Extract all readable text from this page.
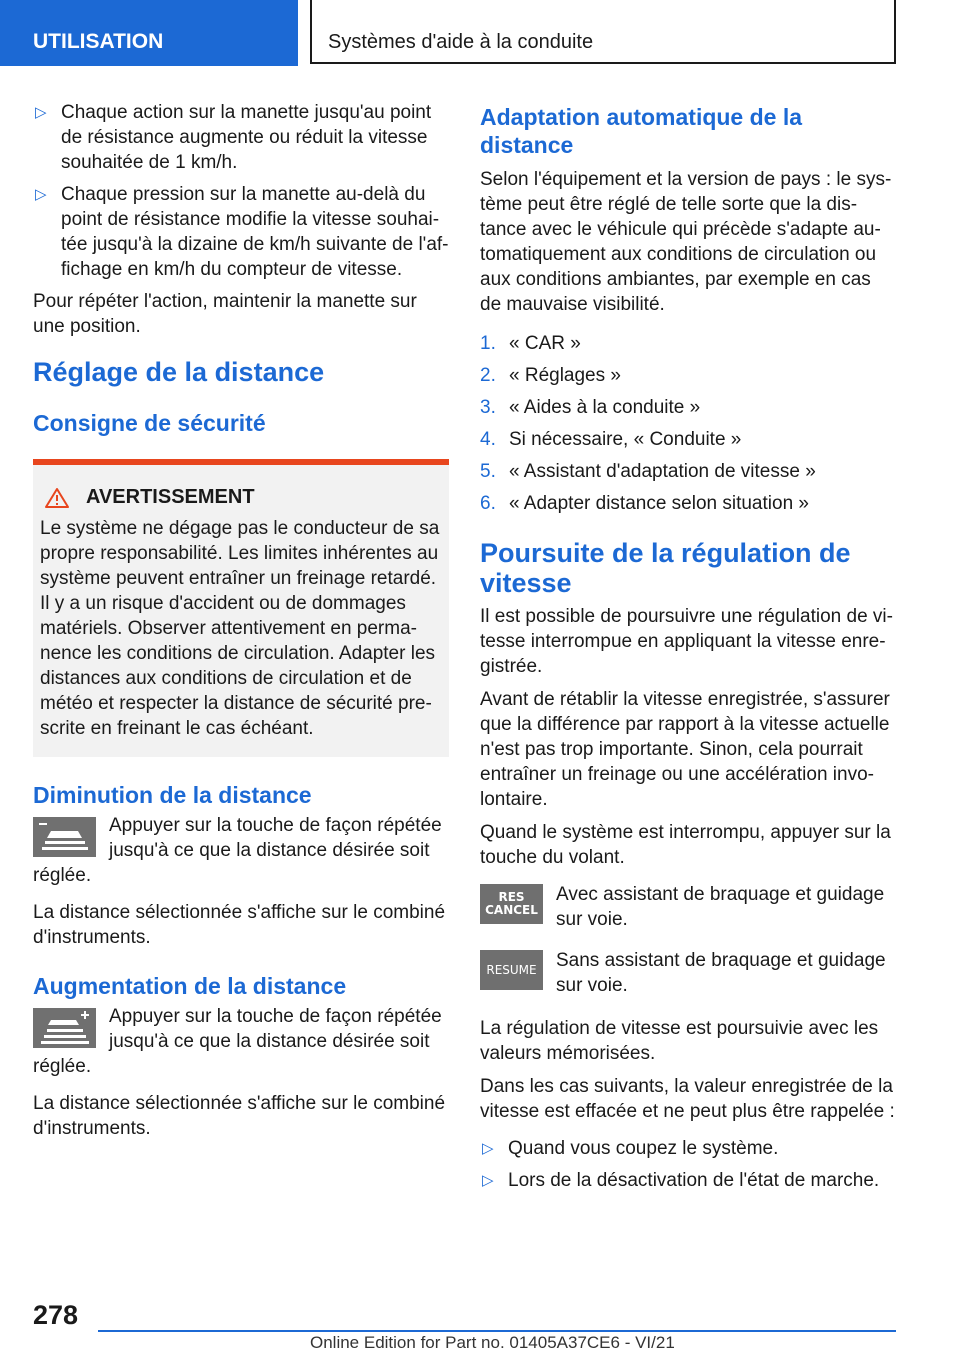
UTILISATION	Systèmes d'aide à la conduite
▷ Chaque action sur la manette jusqu'au point de résistance augmente ou réduit la vitesse souhaitée de 1 km/h.
▷ Chaque pression sur la manette au-delà du point de résistance modifie la vitesse souhai-tée jusqu'à la dizaine de km/h suivante de l'af-fichage en km/h du compteur de vitesse.

Pour répéter l'action, maintenir la manette sur une position.

Réglage de la distance
Consigne de sécurité
AVERTISSEMENT
Le système ne dégage pas le conducteur de sa propre responsabilité. Les limites inhérentes au système peuvent entraîner un freinage retardé. Il y a un risque d'accident ou de dommages matériels. Observer attentivement en perma-nence les conditions de circulation. Adapter les distances aux conditions de circulation et de météo et respecter la distance de sécurité pre-scrite en freinant le cas échéant.
Diminution de la distance
Appuyer sur la touche de façon répétée jusqu'à ce que la distance désirée soit réglée.

La distance sélectionnée s'affiche sur le combiné d'instruments.

Augmentation de la distance
Appuyer sur la touche de façon répétée jusqu'à ce que la distance désirée soit réglée.

La distance sélectionnée s'affiche sur le combiné d'instruments.

Adaptation automatique de la distance

Selon l'équipement et la version de pays : le sys-tème peut être réglé de telle sorte que la dis-tance avec le véhicule qui précède s'adapte au-tomatiquement aux conditions de circulation ou aux conditions ambiantes, par exemple en cas de mauvaise visibilité.

1. « CAR »
2. « Réglages »
3. « Aides à la conduite »
4. Si nécessaire, « Conduite »
5. « Assistant d'adaptation de vitesse »
6. « Adapter distance selon situation »
Poursuite de la régulation de vitesse

Il est possible de poursuivre une régulation de vi-tesse interrompue en appliquant la vitesse enre-gistrée.

Avant de rétablir la vitesse enregistrée, s'assurer que la différence par rapport à la vitesse actuelle n'est pas trop importante. Sinon, cela pourrait entraîner un freinage ou une accélération invo-lontaire.

Quand le système est interrompu, appuyer sur la touche du volant.

RES
CANCEL
Avec assistant de braquage et guidage sur voie.
RESUME	Sans assistant de braquage et guidage sur voie.

La régulation de vitesse est poursuivie avec les valeurs mémorisées.

Dans les cas suivants, la valeur enregistrée de la vitesse est effacée et ne peut plus être rappelée :

▷ Quand vous coupez le système.
▷ Lors de la désactivation de l'état de marche.
278
Online Edition for Part no. 01405A37CE6 - VI/21
